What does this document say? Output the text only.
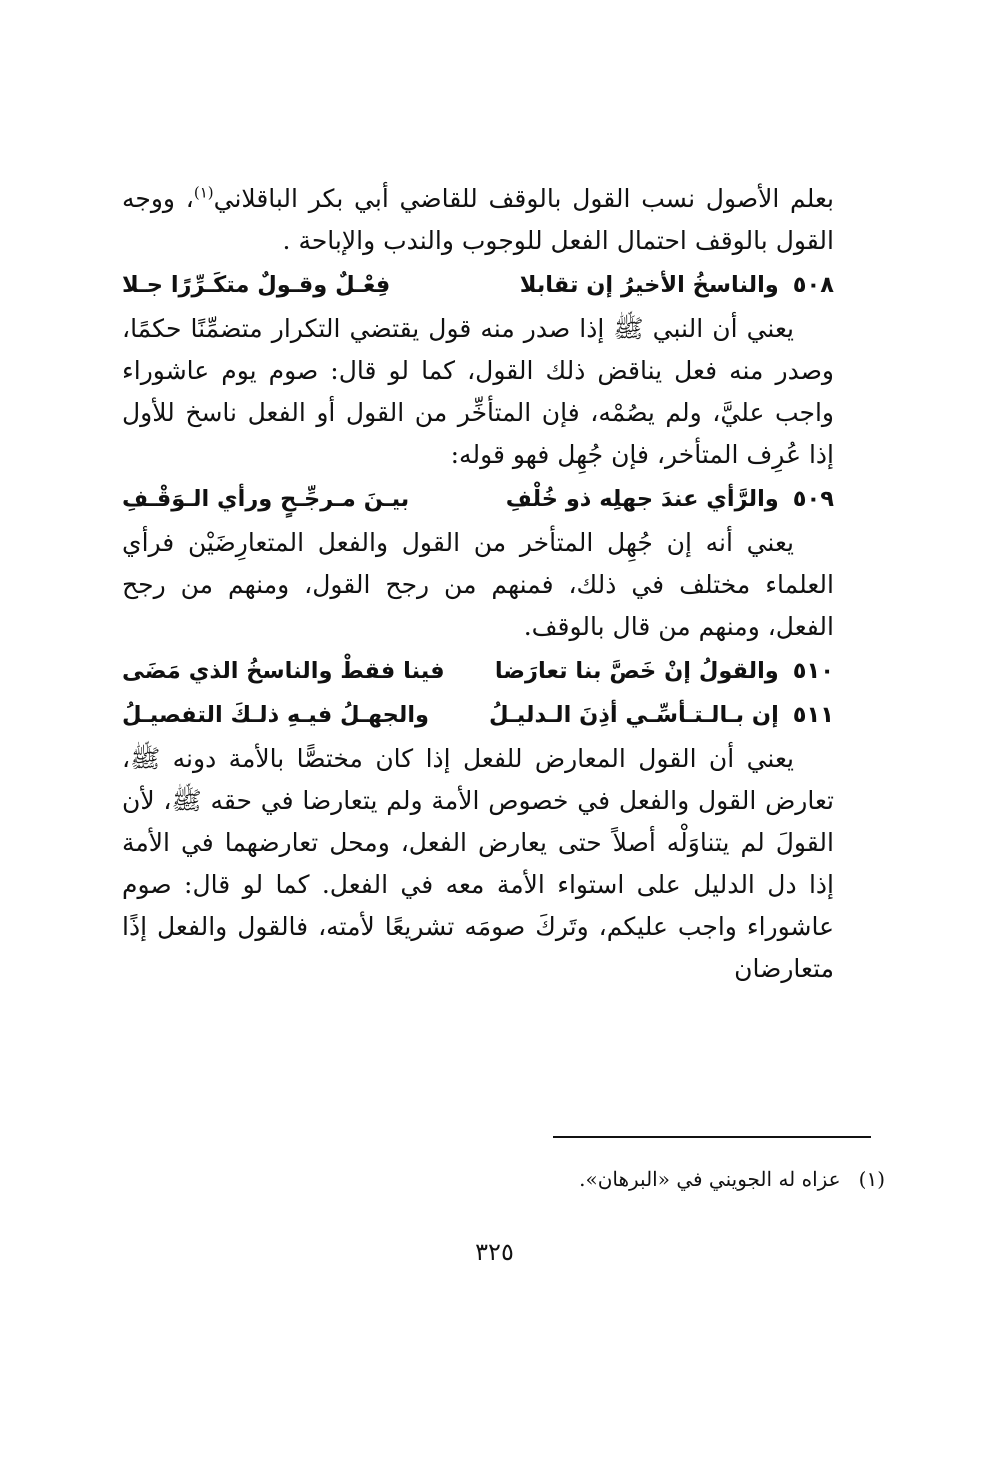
بعلم الأصول نسب القول بالوقف للقاضي أبي بكر الباقلاني$^{(١)}$، ووجه القول بالوقف احتمال الفعل للوجوب والندب والإباحة .

٥٠٨والناسخُ الأخيرُ إن تقابلا
فِعْـلٌ وقـولٌ متكَـرِّرًا جـلا

يعني أن النبي ﷺ إذا صدر منه قول يقتضي التكرار متضمِّنًا حكمًا، وصدر منه فعل يناقض ذلك القول، كما لو قال: صوم يوم عاشوراء واجب عليَّ، ولم يصُمْه، فإن المتأخِّر من القول أو الفعل ناسخ للأول إذا عُرِف المتأخر، فإن جُهِل فهو قوله:

٥٠٩والرَّأي عندَ جهلِه ذو خُلْفِ
بيـنَ مـرجِّـحٍ ورأي الـوَقْـفِ

يعني أنه إن جُهِل المتأخر من القول والفعل المتعارِضَيْن فرأي العلماء مختلف في ذلك، فمنهم من رجح القول، ومنهم من رجح الفعل، ومنهم من قال بالوقف.

٥١٠والقولُ إنْ خَصَّ بنا تعارَضا
فينا فقطْ والناسخُ الذي مَضَى
٥١١إن بـالـتـأسِّـي أذِنَ الـدليـلُ
والجهـلُ فيـهِ ذلـكَ التفصيـلُ

يعني أن القول المعارض للفعل إذا كان مختصًّا بالأمة دونه ﷺ، تعارض القول والفعل في خصوص الأمة ولم يتعارضا في حقه ﷺ، لأن القولَ لم يتناوَلْه أصلاً حتى يعارض الفعل، ومحل تعارضهما في الأمة إذا دل الدليل على استواء الأمة معه في الفعل. كما لو قال: صوم عاشوراء واجب عليكم، وتَركَ صومَه تشريعًا لأمته، فالقول والفعل إذًا متعارضان

(١)عزاه له الجويني في «البرهان».
٣٢٥
